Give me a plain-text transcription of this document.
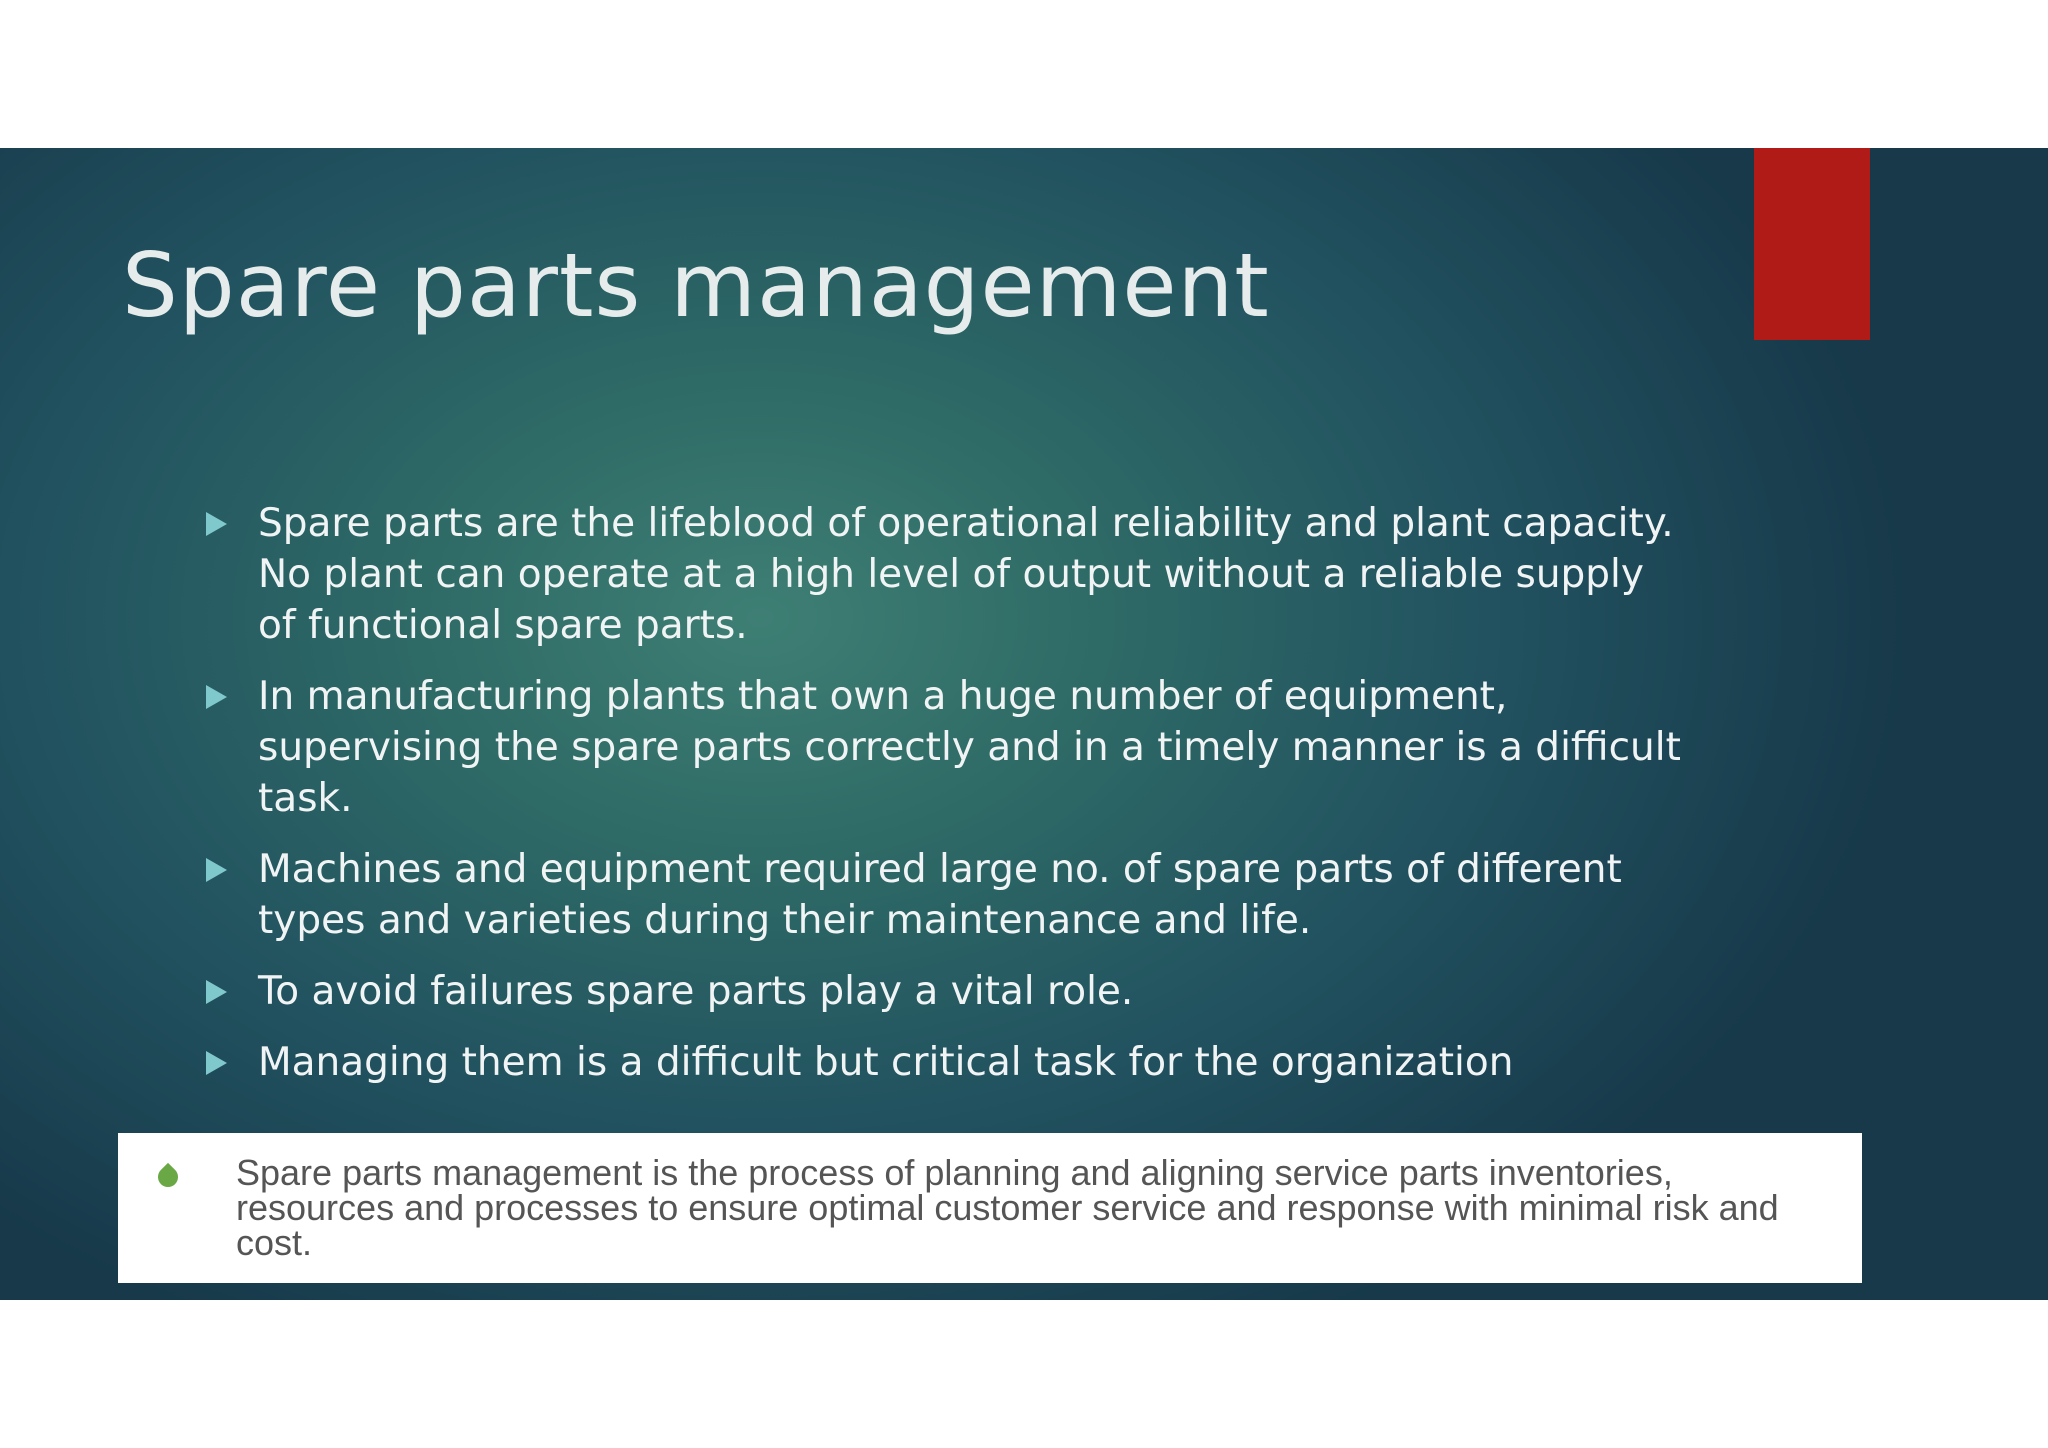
Spare parts management
Spare parts are the lifeblood of operational reliability and plant capacity. No plant can operate at a high level of output without a reliable supply of functional spare parts.
In manufacturing plants that own a huge number of equipment, supervising the spare parts correctly and in a timely manner is a difficult task.
Machines and equipment required large no. of spare parts of different types and varieties during their maintenance and life.
To avoid failures spare parts play a vital role.
Managing them is a difficult but critical task for the organization

Spare parts management is the process of planning and aligning service parts inventories, resources and processes to ensure optimal customer service and response with minimal risk and cost.
